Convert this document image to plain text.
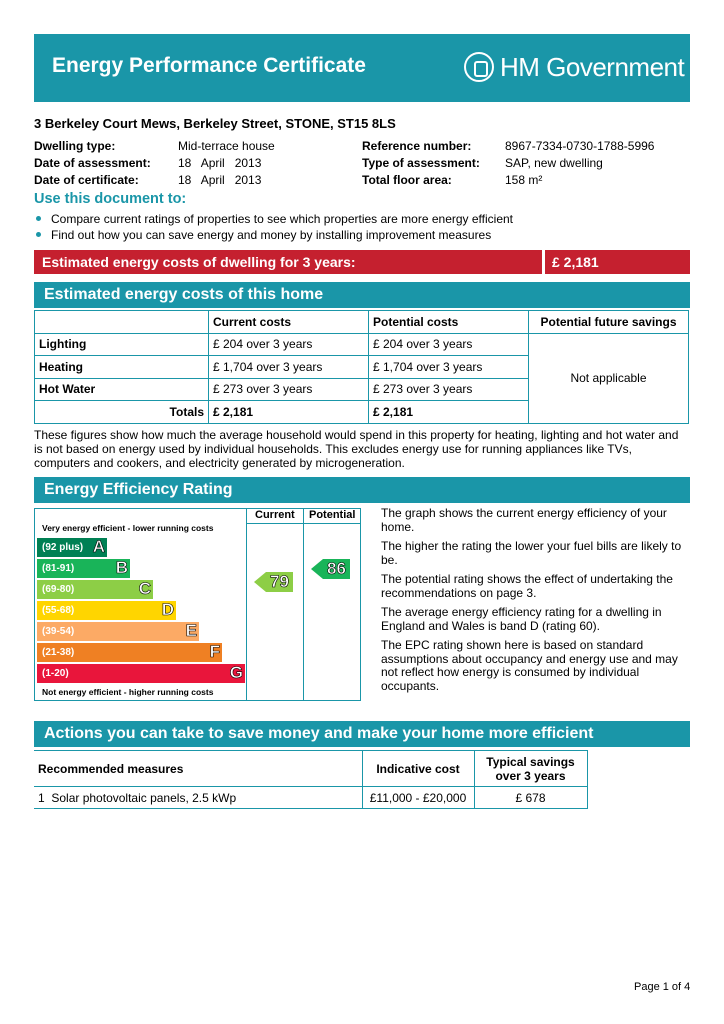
Energy Performance Certificate	HM Government
3 Berkeley Court Mews, Berkeley Street, STONE, ST15 8LS
Dwelling type:	Mid-terrace house
Date of assessment: 18   April   2013
Date of certificate:	18   April   2013
Reference number:	8967-7334-0730-1788-5996
Type of assessment: SAP, new dwelling
Total floor area:	158 m²
Use this document to:
Compare current ratings of properties to see which properties are more energy efficient
Find out how you can save energy and money by installing improvement measures
Estimated energy costs of dwelling for 3 years:	£ 2,181
Estimated energy costs of this home
	Current costs	Potential costs	Potential future savings
Lighting	£ 204 over 3 years	£ 204 over 3 years	Not applicable
Heating	£ 1,704 over 3 years	£ 1,704 over 3 years	
Hot Water	£ 273 over 3 years	£ 273 over 3 years	
Totals	£ 2,181	£ 2,181	
These figures show how much the average household would spend in this property for heating, lighting and hot water and is not based on energy used by individual households. This excludes energy use for running appliances like TVs, computers and cookers, and electricity generated by microgeneration.
Energy Efficiency Rating
Current Potential
Very energy efficient - lower running costs
Not energy efficient - higher running costs
(92 plus) A
(81-91) B
(69-80)	C
(55-68)	D
(39-54)	E
(21-38)	F
(1-20)	G
79
86

The graph shows the current energy efficiency of your home.

The higher the rating the lower your fuel bills are likely to be.

The potential rating shows the effect of undertaking the recommendations on page 3.

The average energy efficiency rating for a dwelling in England and Wales is band D (rating 60).

The EPC rating shown here is based on standard assumptions about occupancy and energy use and may not reflect how energy is consumed by individual occupants.

Actions you can take to save money and make your home more efficient
Recommended measures	Indicative cost	Typical savings over 3 years
1 Solar photovoltaic panels, 2.5 kWp	£11,000 - £20,000	£ 678
Page 1 of 4
